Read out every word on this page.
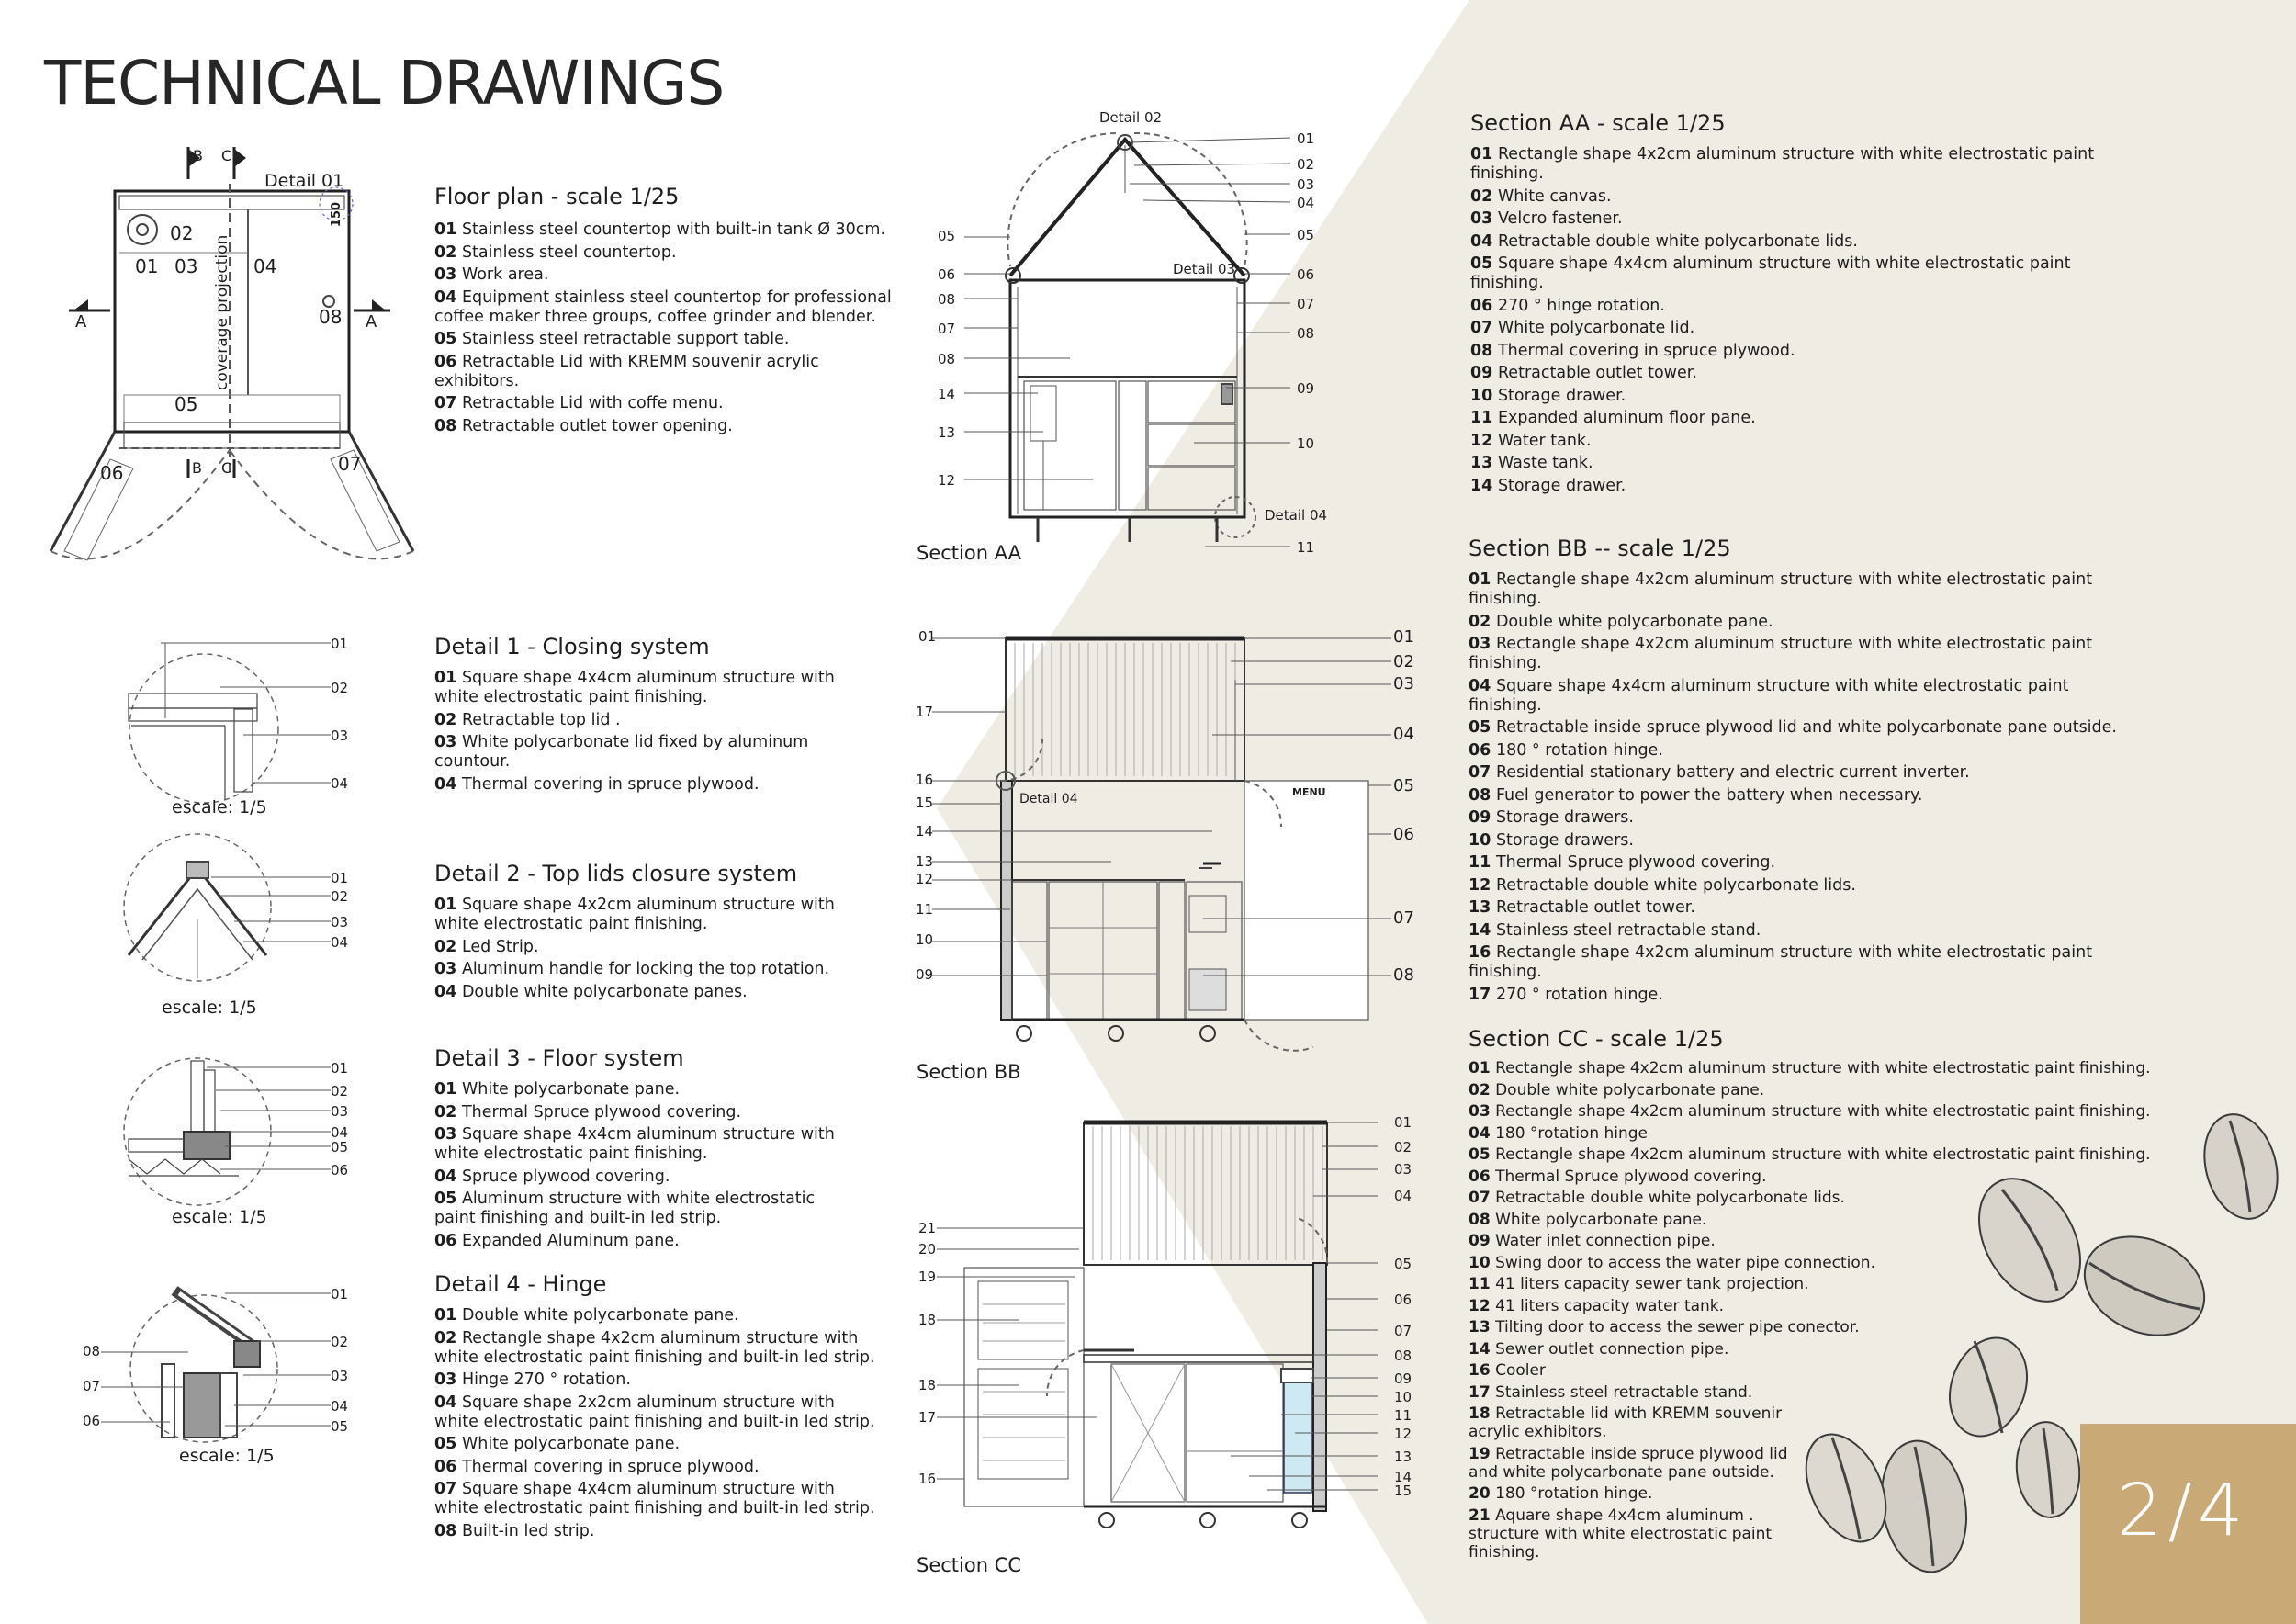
TECHNICAL DRAWINGS
Detail 01
150
02
01 03	04
08
05
06	07
coverage projection
A	A
B C
B C
01
02
03
04
escale: 1/5
01
02
03
04
escale: 1/5
01
02
03
04
05
06
escale: 1/5
01
02
03
04
05
06
07
08
escale: 1/5
Detail 02
Detail 03
Detail 04
Section AA
01
02
03
04
05
06
07
08
09
10
11
05
06
08
07
08
14
13
12
Section BB
Detail 04	MENU
01
02
03
04
05
06
07
08
01
17
16
15
14
13
12
11
10
09
Section CC
01
02
03
04
05
06
07
08
09
10
11
12
13
14
15
21
20
19
18
18
17
16
Floor plan - scale 1/25
01 Stainless steel countertop with built-in tank Ø 30cm.
02 Stainless steel countertop.
03 Work area.
04 Equipment stainless steel countertop for professional coffee maker three groups, coffee grinder and blender.
05 Stainless steel retractable support table.
06 Retractable Lid with KREMM souvenir acrylic exhibitors.
07 Retractable Lid with coffe menu.
08 Retractable outlet tower opening.
Detail 1 - Closing system
01 Square shape 4x4cm aluminum structure with white electrostatic paint finishing.
02 Retractable top lid .
03 White polycarbonate lid fixed by aluminum countour.
04 Thermal covering in spruce plywood.
Detail 2 - Top lids closure system
01 Square shape 4x2cm aluminum structure with white electrostatic paint finishing.
02 Led Strip.
03 Aluminum handle for locking the top rotation.
04 Double white polycarbonate panes.
Detail 3 - Floor system
01 White polycarbonate pane.
02 Thermal Spruce plywood covering.
03 Square shape 4x4cm aluminum structure with white electrostatic paint finishing.
04 Spruce plywood covering.
05 Aluminum structure with white electrostatic paint finishing and built-in led strip.
06 Expanded Aluminum pane.
Detail 4 - Hinge
01 Double white polycarbonate pane.
02 Rectangle shape 4x2cm aluminum structure with white electrostatic paint finishing and built-in led strip.
03 Hinge 270 ° rotation.
04 Square shape 2x2cm aluminum structure with white electrostatic paint finishing and built-in led strip.
05 White polycarbonate pane.
06 Thermal covering in spruce plywood.
07 Square shape 4x4cm aluminum structure with white electrostatic paint finishing and built-in led strip.
08 Built-in led strip.
Section AA - scale 1/25
01 Rectangle shape 4x2cm aluminum structure with white electrostatic paint finishing.
02 White canvas.
03 Velcro fastener.
04 Retractable double white polycarbonate lids.
05 Square shape 4x4cm aluminum structure with white electrostatic paint finishing.
06 270 ° hinge rotation.
07 White polycarbonate lid.
08 Thermal covering in spruce plywood.
09 Retractable outlet tower.
10 Storage drawer.
11 Expanded aluminum floor pane.
12 Water tank.
13 Waste tank.
14 Storage drawer.
Section BB -- scale 1/25
01 Rectangle shape 4x2cm aluminum structure with white electrostatic paint finishing.
02 Double white polycarbonate pane.
03 Rectangle shape 4x2cm aluminum structure with white electrostatic paint finishing.
04 Square shape 4x4cm aluminum structure with white electrostatic paint finishing.
05 Retractable inside spruce plywood lid and white polycarbonate pane outside.
06 180 ° rotation hinge.
07 Residential stationary battery and electric current inverter.
08 Fuel generator to power the battery when necessary.
09 Storage drawers.
10 Storage drawers.
11 Thermal Spruce plywood covering.
12 Retractable double white polycarbonate lids.
13 Retractable outlet tower.
14 Stainless steel retractable stand.
16 Rectangle shape 4x2cm aluminum structure with white electrostatic paint finishing.
17 270 ° rotation hinge.
Section CC - scale 1/25
01 Rectangle shape 4x2cm aluminum structure with white electrostatic paint finishing.
02 Double white polycarbonate pane.
03 Rectangle shape 4x2cm aluminum structure with white electrostatic paint finishing.
04 180 °rotation hinge
05 Rectangle shape 4x2cm aluminum structure with white electrostatic paint finishing.
06 Thermal Spruce plywood covering.
07 Retractable double white polycarbonate lids.
08 White polycarbonate pane.
09 Water inlet connection pipe.
10 Swing door to access the water pipe connection.
11 41 liters capacity sewer tank projection.
12 41 liters capacity water tank.
13 Tilting door to access the sewer pipe conector.
14 Sewer outlet connection pipe.
16 Cooler
17 Stainless steel retractable stand.
18 Retractable lid with KREMM souvenir acrylic exhibitors.
19 Retractable inside spruce plywood lid and white polycarbonate pane outside.
20 180 °rotation hinge.
21 Aquare shape 4x4cm aluminum . structure with white electrostatic paint finishing.	2/4
